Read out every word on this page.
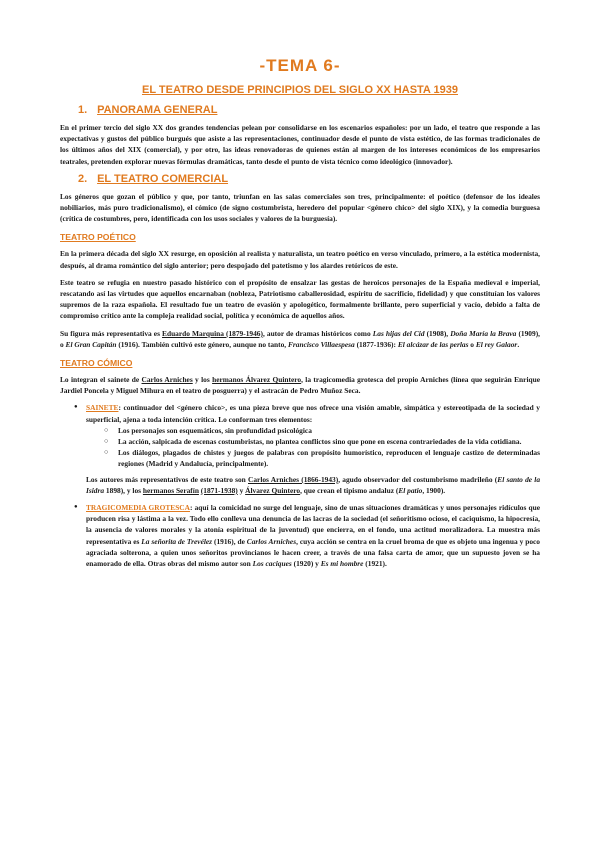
-TEMA 6-
EL TEATRO DESDE PRINCIPIOS DEL SIGLO XX HASTA 1939
1. PANORAMA GENERAL

En el primer tercio del siglo XX dos grandes tendencias pelean por consolidarse en los escenarios españoles: por un lado, el teatro que responde a las expectativas y gustos del público burgués que asiste a las representaciones, continuador desde el punto de vista estético, de las formas tradicionales de los últimos años del XIX (comercial), y por otro, las ideas renovadoras de quienes están al margen de los intereses económicos de los empresarios teatrales, pretenden explorar nuevas fórmulas dramáticas, tanto desde el punto de vista técnico como ideológico (innovador).

2. EL TEATRO COMERCIAL

Los géneros que gozan el público y que, por tanto, triunfan en las salas comerciales son tres, principalmente: el poético (defensor de los ideales nobiliarios, más puro tradicionalismo), el cómico (de signo costumbrista, heredero del popular <género chico> del siglo XIX), y la comedia burguesa (crítica de costumbres, pero, identificada con los usos sociales y valores de la burguesía).

TEATRO POÉTICO

En la primera década del siglo XX resurge, en oposición al realista y naturalista, un teatro poético en verso vinculado, primero, a la estética modernista, después, al drama romántico del siglo anterior; pero despojado del patetismo y los alardes retóricos de este.

Este teatro se refugia en nuestro pasado histórico con el propósito de ensalzar las gestas de heroicos personajes de la España medieval e imperial, rescatando así las virtudes que aquellos encarnaban (nobleza, Patriotismo caballerosidad, espíritu de sacrificio, fidelidad) y que constituían los valores supremos de la raza española. El resultado fue un teatro de evasión y apologético, formalmente brillante, pero superficial y vacío, debido a falta de compromiso crítico ante la compleja realidad social, política y económica de aquellos años.

Su figura más representativa es Eduardo Marquina (1879-1946), autor de dramas históricos como Las hijas del Cid (1908), Doña María la Brava (1909), o El Gran Capitán (1916). También cultivó este género, aunque no tanto, Francisco Villaespesa (1877-1936): El alcázar de las perlas o El rey Galaor.

TEATRO CÓMICO

Lo integran el sainete de Carlos Arniches y los hermanos Álvarez Quintero, la tragicomedia grotesca del propio Arniches (línea que seguirán Enrique Jardiel Poncela y Miguel Mihura en el teatro de posguerra) y el astracán de Pedro Muñoz Seca.

● SAINETE: continuador del <género chico>, es una pieza breve que nos ofrece una visión amable, simpática y estereotipada de la sociedad y superficial, ajena a toda intención crítica. Lo conforman tres elementos:
○ Los personajes son esquemáticos, sin profundidad psicológica
○ La acción, salpicada de escenas costumbristas, no plantea conflictos sino que pone en escena contrariedades de la vida cotidiana.
○ Los diálogos, plagados de chistes y juegos de palabras con propósito humorístico, reproducen el lenguaje castizo de determinadas regiones (Madrid y Andalucía, principalmente).

Los autores más representativos de este teatro son Carlos Arniches (1866-1943), agudo observador del costumbrismo madrileño (El santo de la Isidra 1898), y los hermanos Serafín (1871-1938) y Álvarez Quintero, que crean el tipismo andaluz (El patio, 1900).

● TRAGICOMEDIA GROTESCA: aquí la comicidad no surge del lenguaje, sino de unas situaciones dramáticas y unos personajes ridículos que producen risa y lástima a la vez. Todo ello conlleva una denuncia de las lacras de la sociedad (el señoritismo ocioso, el caciquismo, la hipocresía, la ausencia de valores morales y la atonía espiritual de la juventud) que encierra, en el fondo, una actitud moralizadora. La muestra más representativa es La señorita de Trevélez (1916), de Carlos Arniches, cuya acción se centra en la cruel broma de que es objeto una ingenua y poco agraciada solterona, a quien unos señoritos provincianos le hacen creer, a través de una falsa carta de amor, que un supuesto joven se ha enamorado de ella. Otras obras del mismo autor son Los caciques (1920) y Es mi hombre (1921).
